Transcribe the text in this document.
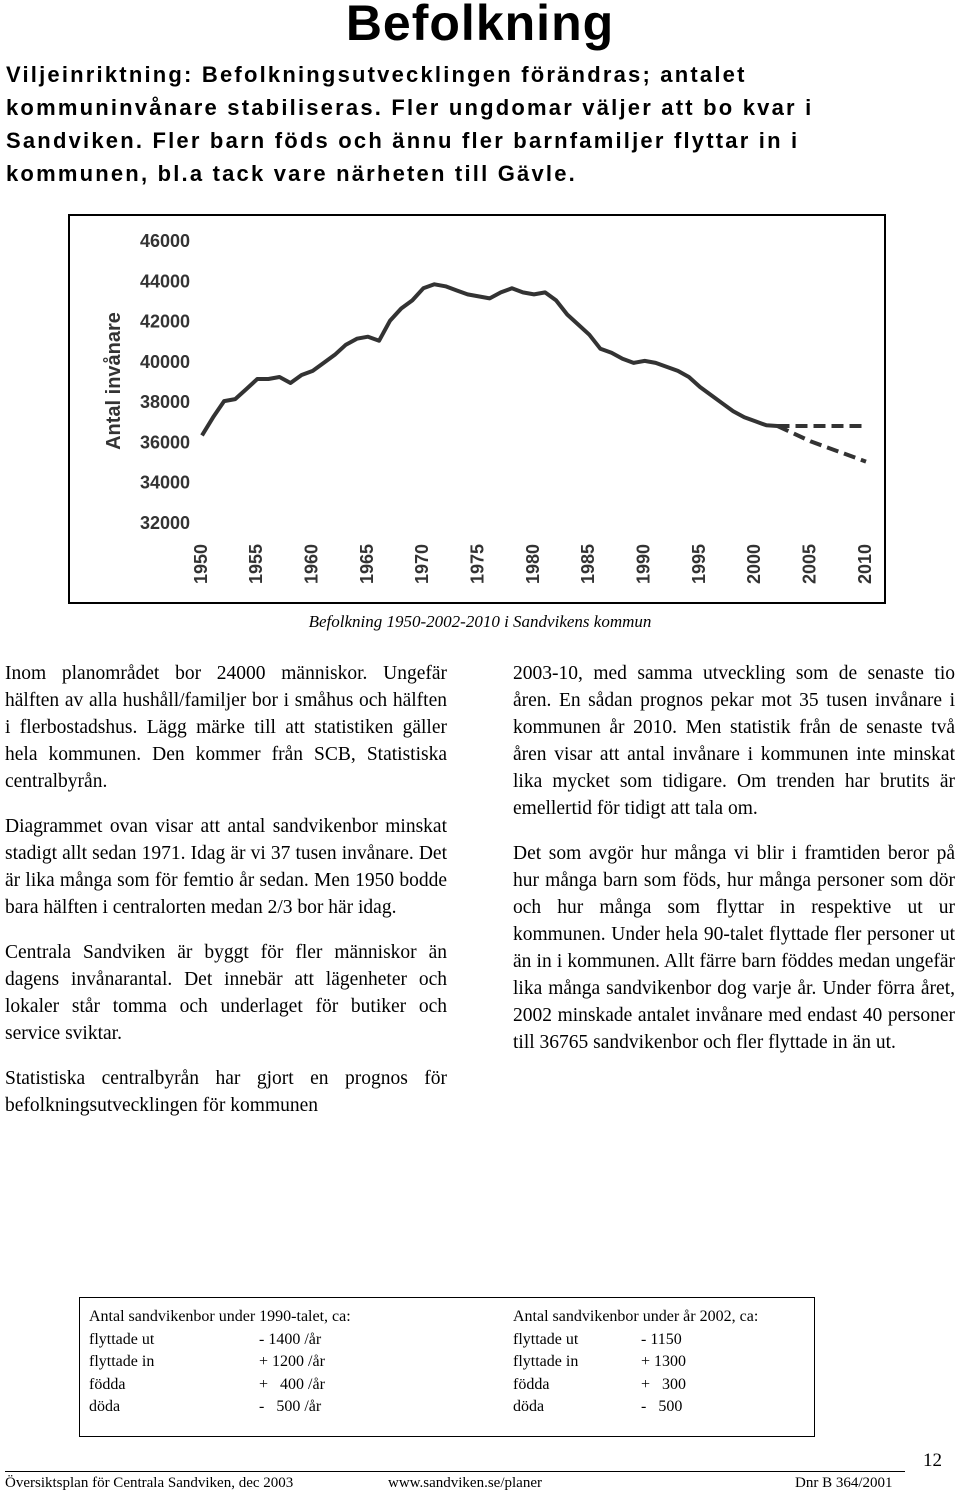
Befolkning
Viljeinriktning: Befolkningsutvecklingen förändras; antalet kommuninvånare stabiliseras. Fler ungdomar väljer att bo kvar i Sandviken. Fler barn föds och ännu fler barnfamiljer flyttar in i kommunen, bl.a tack vare närheten till Gävle.
46000
44000
42000
40000
38000
36000
34000
32000
1950 1955 1960 1965 1970 1975 1980 1985 1990 1995 2000 2005 2010
Antal invånare
Befolkning 1950-2002-2010 i Sandvikens kommun

Inom planområdet bor 24000 människor. Ungefär hälften av alla hushåll/familjer bor i småhus och hälften i flerbostadshus. Lägg märke till att statistiken gäller hela kommunen. Den kommer från SCB, Statistiska centralbyrån.

Diagrammet ovan visar att antal sandvikenbor minskat stadigt allt sedan 1971. Idag är vi 37 tusen invånare. Det är lika många som för femtio år sedan. Men 1950 bodde bara hälften i centralorten medan 2/3 bor här idag.

Centrala Sandviken är byggt för fler människor än dagens invånarantal. Det innebär att lägenheter och lokaler står tomma och underlaget för butiker och service sviktar.

Statistiska centralbyrån har gjort en prognos för befolkningsutvecklingen för kommunen

2003-10, med samma utveckling som de senaste tio åren. En sådan prognos pekar mot 35 tusen invånare i kommunen år 2010. Men statistik från de senaste två åren visar att antal invånare i kommunen inte minskat lika mycket som tidigare. Om trenden har brutits är emellertid för tidigt att tala om.

Det som avgör hur många vi blir i framtiden beror på hur många barn som föds, hur många personer som dör och hur många som flyttar in respektive ut ur kommunen. Under hela 90-talet flyttade fler personer ut än in i kommunen. Allt färre barn föddes medan ungefär lika många sandvikenbor dog varje år. Under förra året, 2002 minskade antalet invånare med endast 40 personer till 36765 sandvikenbor och fler flyttade in än ut.

Antal sandvikenbor under 1990-talet, ca:
flyttade ut	- 1400 /år
flyttade in	+ 1200 /år
födda	+   400 /år
döda	-   500 /år
Antal sandvikenbor under år 2002, ca:
flyttade ut	- 1150
flyttade in	+ 1300
födda	+   300
döda	-   500
12
Översiktsplan för Centrala Sandviken, dec 2003	www.sandviken.se/planer	Dnr B 364/2001
